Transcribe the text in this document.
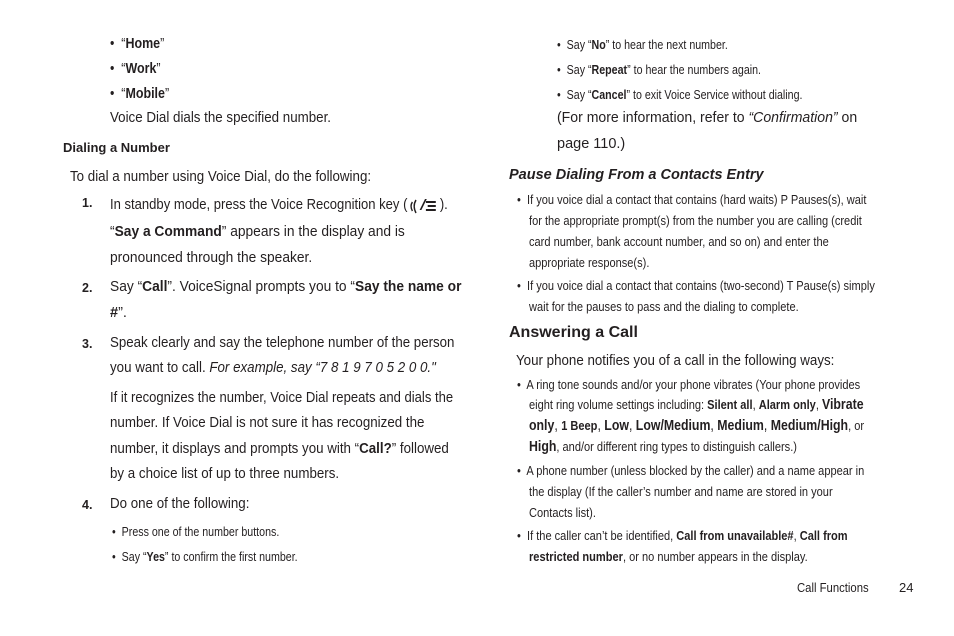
•  “Home”
•  “Work”
•  “Mobile”
Voice Dial dials the specified number.
Dialing a Number
To dial a number using Voice Dial, do the following:
1. In standby mode, press the Voice Recognition key ( ).
“Say a Command” appears in the display and is
pronounced through the speaker.
2. Say “Call”. VoiceSignal prompts you to “Say the name or
#”.
3. Speak clearly and say the telephone number of the person
you want to call. For example, say “7 8 1 9 7 0 5 2 0 0."
If it recognizes the number, Voice Dial repeats and dials the
number. If Voice Dial is not sure it has recognized the
number, it displays and prompts you with “Call?” followed
by a choice list of up to three numbers.
4. Do one of the following:
•  Press one of the number buttons.
•  Say “Yes” to confirm the first number.
•  Say “No” to hear the next number.
•  Say “Repeat” to hear the numbers again.
•  Say “Cancel” to exit Voice Service without dialing.
(For more information, refer to “Confirmation” on
page 110.)
Pause Dialing From a Contacts Entry
•  If you voice dial a contact that contains (hard waits) P Pauses(s), wait
for the appropriate prompt(s) from the number you are calling (credit
card number, bank account number, and so on) and enter the
appropriate response(s).
•  If you voice dial a contact that contains (two-second) T Pause(s) simply
wait for the pauses to pass and the dialing to complete.
Answering a Call
Your phone notifies you of a call in the following ways:
•  A ring tone sounds and/or your phone vibrates (Your phone provides
eight ring volume settings including: Silent all, Alarm only, Vibrate
only, 1 Beep, Low, Low/Medium, Medium, Medium/High, or
High, and/or different ring types to distinguish callers.)
•  A phone number (unless blocked by the caller) and a name appear in
the display (If the caller’s number and name are stored in your
Contacts list).
•  If the caller can’t be identified, Call from unavailable#, Call from
restricted number, or no number appears in the display.
Call Functions 24
